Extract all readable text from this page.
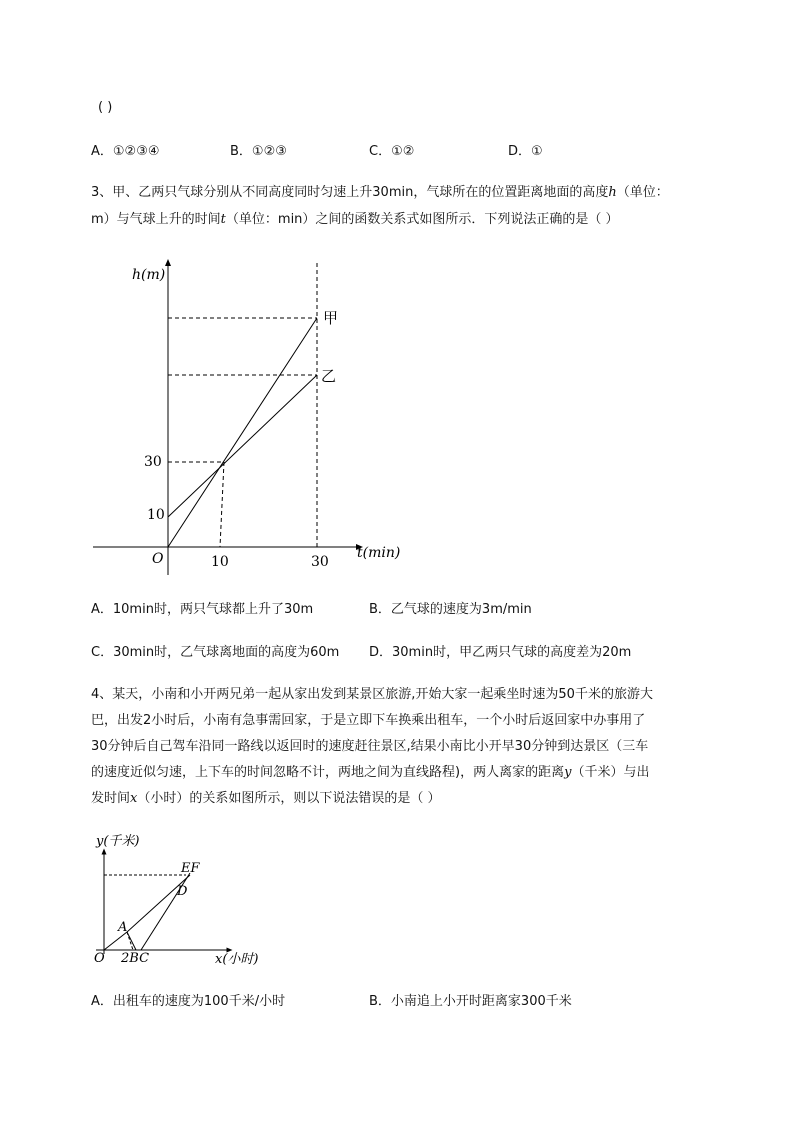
( )
A．①②③④	B．①②③	C．①②	D．①
3、甲、乙两只气球分别从不同高度同时匀速上升30min，气球所在的位置距离地面的高度h（单位：
m）与气球上升的时间t（单位：min）之间的函数关系式如图所示．下列说法正确的是（ ）
h(m)
t(min)
O	10	30
10
30
甲
乙
A．10min时，两只气球都上升了30m	B．乙气球的速度为3m/min
C．30min时，乙气球离地面的高度为60m D．30min时，甲乙两只气球的高度差为20m
4、某天，小南和小开两兄弟一起从家出发到某景区旅游,开始大家一起乘坐时速为50千米的旅游大
巴，出发2小时后，小南有急事需回家，于是立即下车换乘出租车，一个小时后返回家中办事用了
30分钟后自己驾车沿同一路线以返回时的速度赶往景区,结果小南比小开早30分钟到达景区（三车
的速度近似匀速，上下车的时间忽略不计，两地之间为直线路程)，两人离家的距离y（千米）与出
发时间x（小时）的关系如图所示，则以下说法错误的是（ ）
y(千米)
x(小时)
O
A
D
EF
2BC
A．出租车的速度为100千米/小时	B．小南追上小开时距离家300千米
